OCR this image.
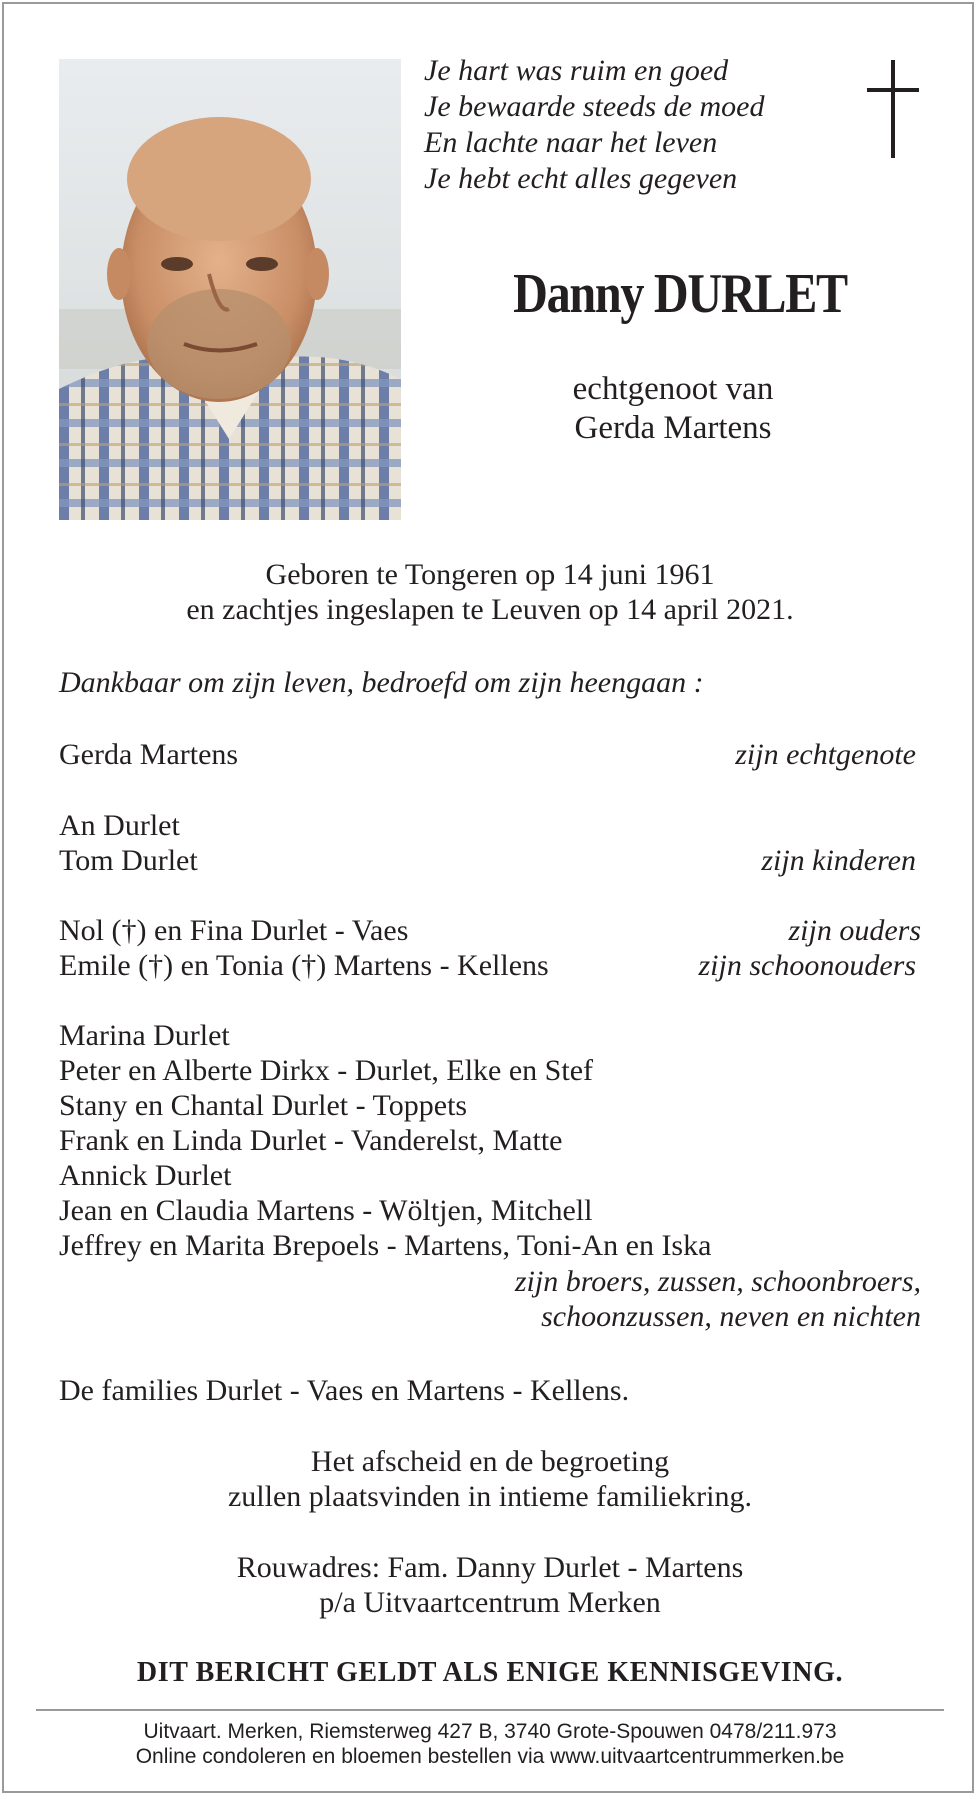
Je hart was ruim en goed
Je bewaarde steeds de moed
En lachte naar het leven
Je hebt echt alles gegeven
Danny DURLET
echtgenoot van
Gerda Martens
Geboren te Tongeren op 14 juni 1961
en zachtjes ingeslapen te Leuven op 14 april 2021.
Dankbaar om zijn leven, bedroefd om zijn heengaan :
Gerda Martens	zijn echtgenote
An Durlet
Tom Durlet	zijn kinderen
Nol (†) en Fina Durlet - Vaes	zijn ouders
Emile (†) en Tonia (†) Martens - Kellens	zijn schoonouders
Marina Durlet
Peter en Alberte Dirkx - Durlet, Elke en Stef
Stany en Chantal Durlet - Toppets
Frank en Linda Durlet - Vanderelst, Matte
Annick Durlet
Jean en Claudia Martens - Wöltjen, Mitchell
Jeffrey en Marita Brepoels - Martens, Toni-An en Iska
zijn broers, zussen, schoonbroers,
schoonzussen, neven en nichten
De families Durlet - Vaes en Martens - Kellens.
Het afscheid en de begroeting
zullen plaatsvinden in intieme familiekring.
Rouwadres: Fam. Danny Durlet - Martens
p/a Uitvaartcentrum Merken
DIT BERICHT GELDT ALS ENIGE KENNISGEVING.
Uitvaart. Merken, Riemsterweg 427 B, 3740 Grote-Spouwen 0478/211.973
Online condoleren en bloemen bestellen via www.uitvaartcentrummerken.be
